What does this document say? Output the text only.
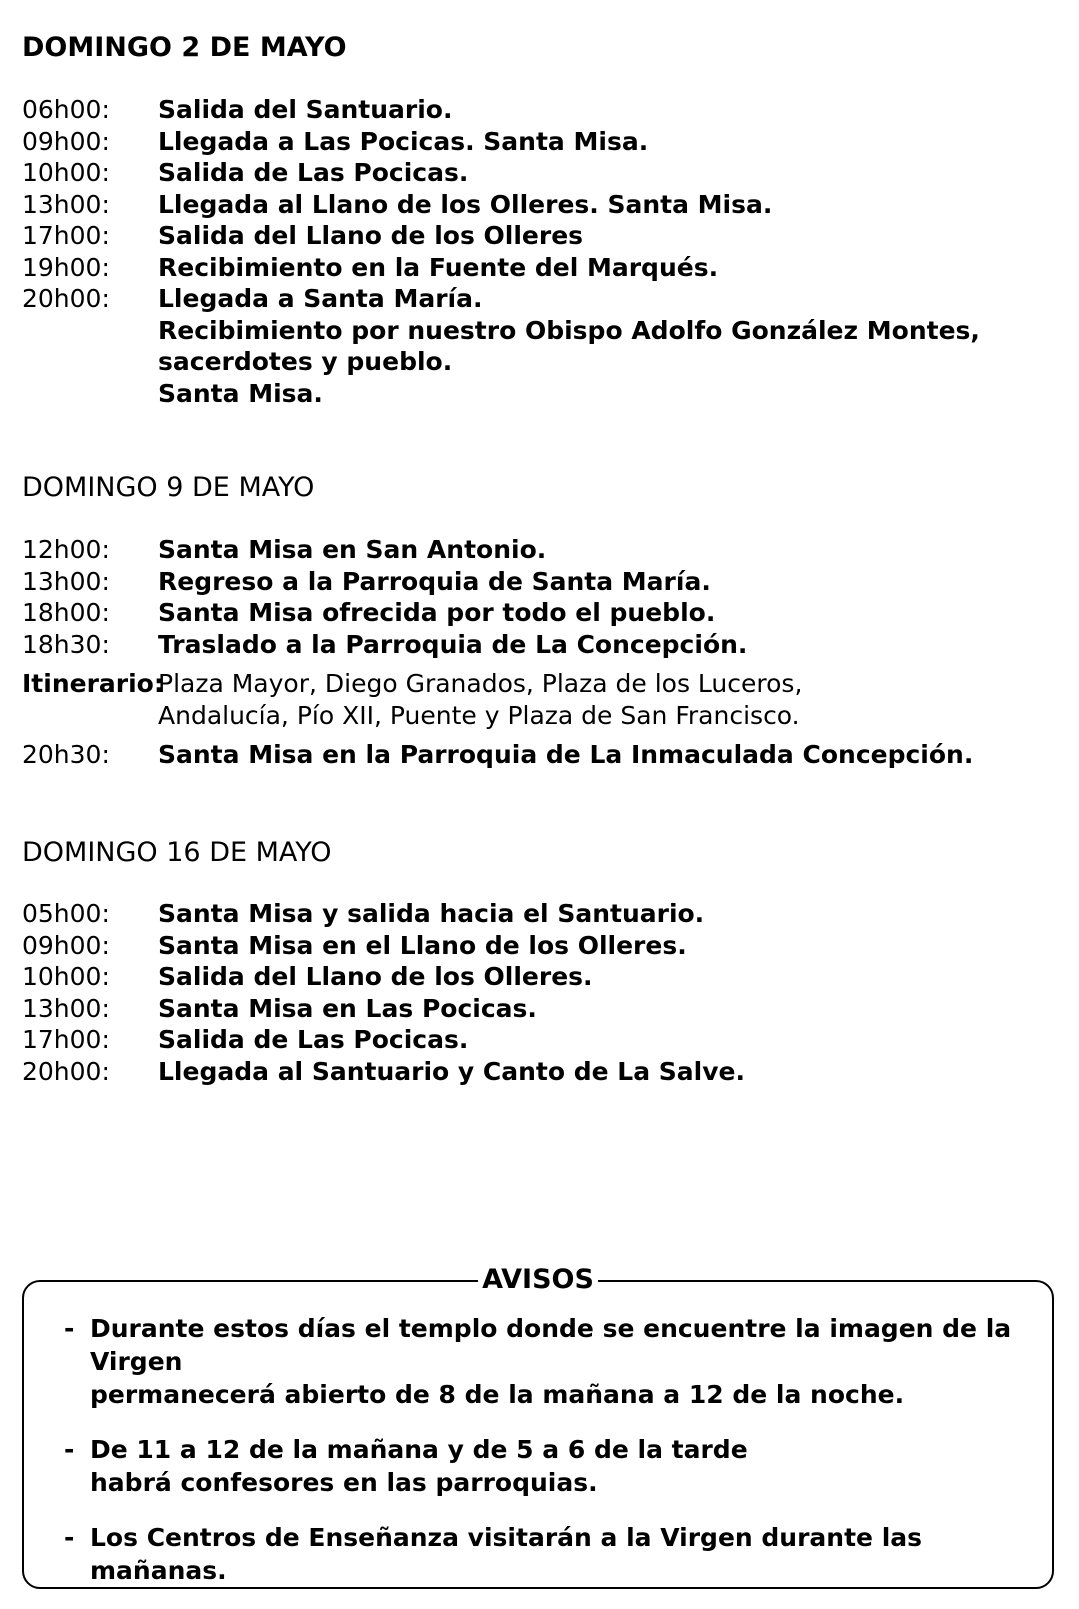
DOMINGO 2 DE MAYO
06h00:	Salida del Santuario.
09h00:	Llegada a Las Pocicas. Santa Misa.
10h00:	Salida de Las Pocicas.
13h00:	Llegada al Llano de los Olleres. Santa Misa.
17h00:	Salida del Llano de los Olleres
19h00:	Recibimiento en la Fuente del Marqués.
20h00:	Llegada a Santa María.
Recibimiento por nuestro Obispo Adolfo González Montes, sacerdotes y pueblo.
Santa Misa.
DOMINGO 9 DE MAYO
12h00:	Santa Misa en San Antonio.
13h00:	Regreso a la Parroquia de Santa María.
18h00:	Santa Misa ofrecida por todo el pueblo.
18h30:	Traslado a la Parroquia de La Concepción.
Itinerario:
Plaza Mayor, Diego Granados, Plaza de los Luceros,
Andalucía, Pío XII, Puente y Plaza de San Francisco.
20h30:	Santa Misa en la Parroquia de La Inmaculada Concepción.
DOMINGO 16 DE MAYO
05h00:	Santa Misa y salida hacia el Santuario.
09h00:	Santa Misa en el Llano de los Olleres.
10h00:	Salida del Llano de los Olleres.
13h00:	Santa Misa en Las Pocicas.
17h00:	Salida de Las Pocicas.
20h00:	Llegada al Santuario y Canto de La Salve.
AVISOS
- Durante estos días el templo donde se encuentre la imagen de la Virgen
permanecerá abierto de 8 de la mañana a 12 de la noche.
- De 11 a 12 de la mañana y de 5 a 6 de la tarde
habrá confesores en las parroquias.
- Los Centros de Enseñanza visitarán a la Virgen durante las mañanas.
